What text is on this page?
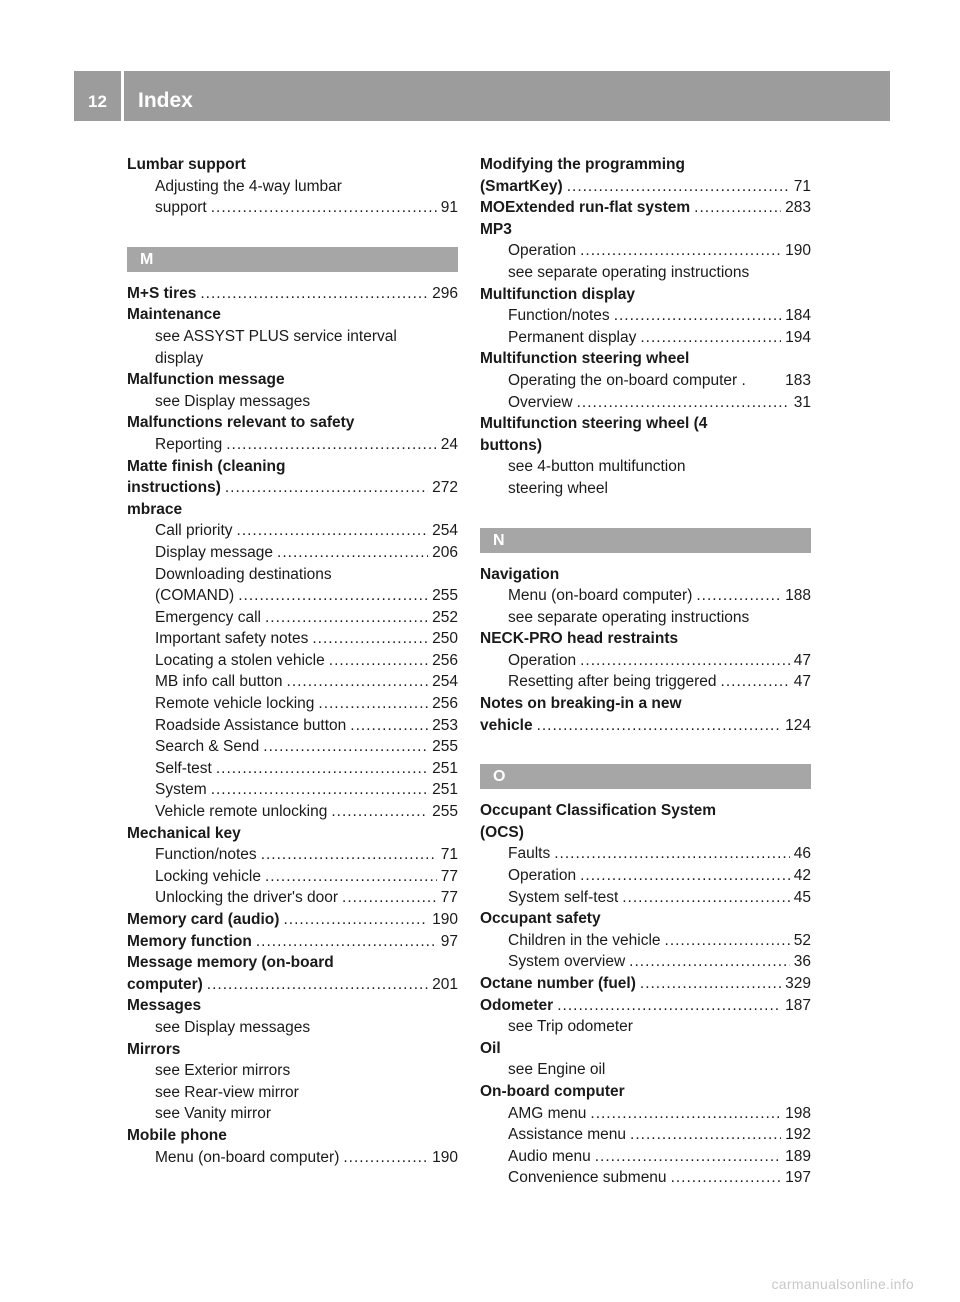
12	Index
Lumbar support
Adjusting the 4-way lumbar
support .....	91
M
M+S tires .....	296
Maintenance
see ASSYST PLUS service interval
display
Malfunction message
see Display messages
Malfunctions relevant to safety
Reporting .....	24
Matte finish (cleaning
instructions) .....	272
mbrace
Call priority .....	254
Display message .....	206
Downloading destinations
(COMAND) .....	255
Emergency call .....	252
Important safety notes .....	250
Locating a stolen vehicle .....	256
MB info call button .....	254
Remote vehicle locking .....	256
Roadside Assistance button .....	253
Search & Send .....	255
Self-test .....	251
System .....	251
Vehicle remote unlocking .....	255
Mechanical key
Function/notes .....	71
Locking vehicle .....	77
Unlocking the driver's door .....	77
Memory card (audio) .....	190
Memory function .....	97
Message memory (on-board
computer) .....	201
Messages
see Display messages
Mirrors
see Exterior mirrors
see Rear-view mirror
see Vanity mirror
Mobile phone
Menu (on-board computer) .....	190
Modifying the programming
(SmartKey) .....	71
MOExtended run-flat system .....	283
MP3
Operation .....	190
see separate operating instructions
Multifunction display
Function/notes .....	184
Permanent display .....	194
Multifunction steering wheel
Operating the on-board computer .	183
Overview .....	31
Multifunction steering wheel (4
buttons)
see 4-button multifunction
steering wheel
N
Navigation
Menu (on-board computer) .....	188
see separate operating instructions
NECK-PRO head restraints
Operation .....	47
Resetting after being triggered .....	47
Notes on breaking-in a new
vehicle .....	124
O
Occupant Classification System
(OCS)
Faults .....	46
Operation .....	42
System self-test .....	45
Occupant safety
Children in the vehicle .....	52
System overview .....	36
Octane number (fuel) .....	329
Odometer .....	187
see Trip odometer
Oil
see Engine oil
On-board computer
AMG menu .....	198
Assistance menu .....	192
Audio menu .....	189
Convenience submenu .....	197
carmanualsonline.info
